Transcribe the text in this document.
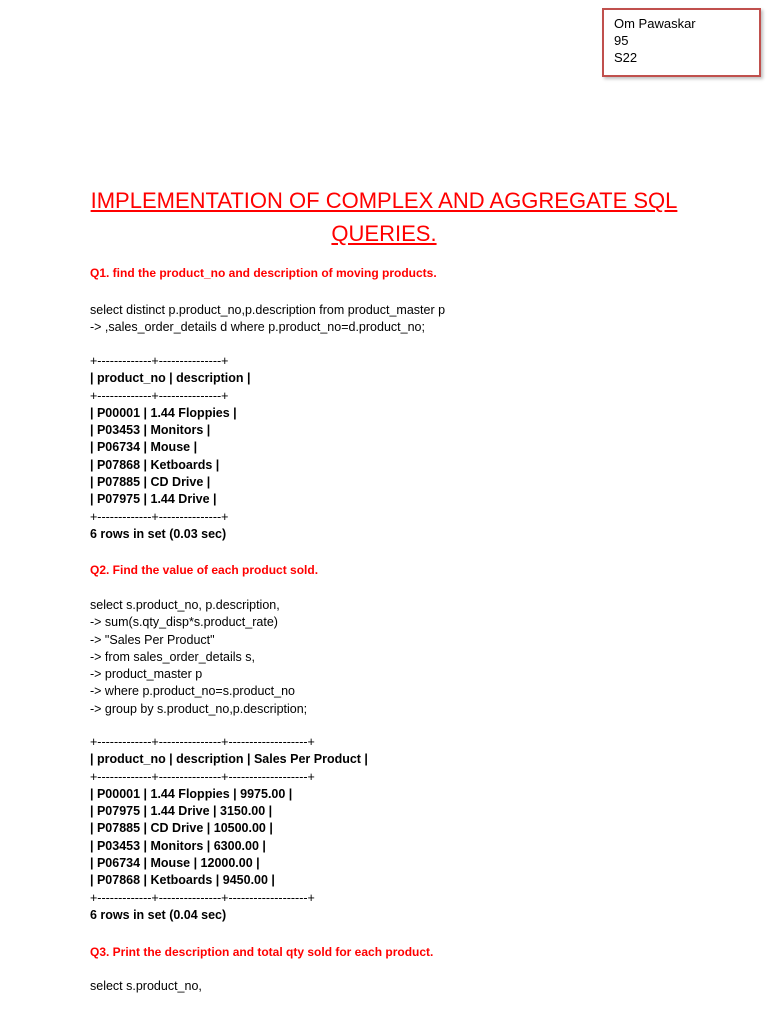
Om Pawaskar
95
S22
IMPLEMENTATION OF COMPLEX AND AGGREGATE SQL
QUERIES.
Q1. find the product_no and description of moving products.
select distinct p.product_no,p.description from product_master p
-> ,sales_order_details d where p.product_no=d.product_no;
+-------------+---------------+
| product_no | description |
+-------------+---------------+
| P00001 | 1.44 Floppies |
| P03453 | Monitors |
| P06734 | Mouse |
| P07868 | Ketboards |
| P07885 | CD Drive |
| P07975 | 1.44 Drive |
+-------------+---------------+
6 rows in set (0.03 sec)
Q2. Find the value of each product sold.
select s.product_no, p.description,
-> sum(s.qty_disp*s.product_rate)
-> "Sales Per Product"
-> from sales_order_details s,
-> product_master p
-> where p.product_no=s.product_no
-> group by s.product_no,p.description;
+-------------+---------------+-------------------+
| product_no | description | Sales Per Product |
+-------------+---------------+-------------------+
| P00001 | 1.44 Floppies | 9975.00 |
| P07975 | 1.44 Drive | 3150.00 |
| P07885 | CD Drive | 10500.00 |
| P03453 | Monitors | 6300.00 |
| P06734 | Mouse | 12000.00 |
| P07868 | Ketboards | 9450.00 |
+-------------+---------------+-------------------+
6 rows in set (0.04 sec)
Q3. Print the description and total qty sold for each product.
select s.product_no,
